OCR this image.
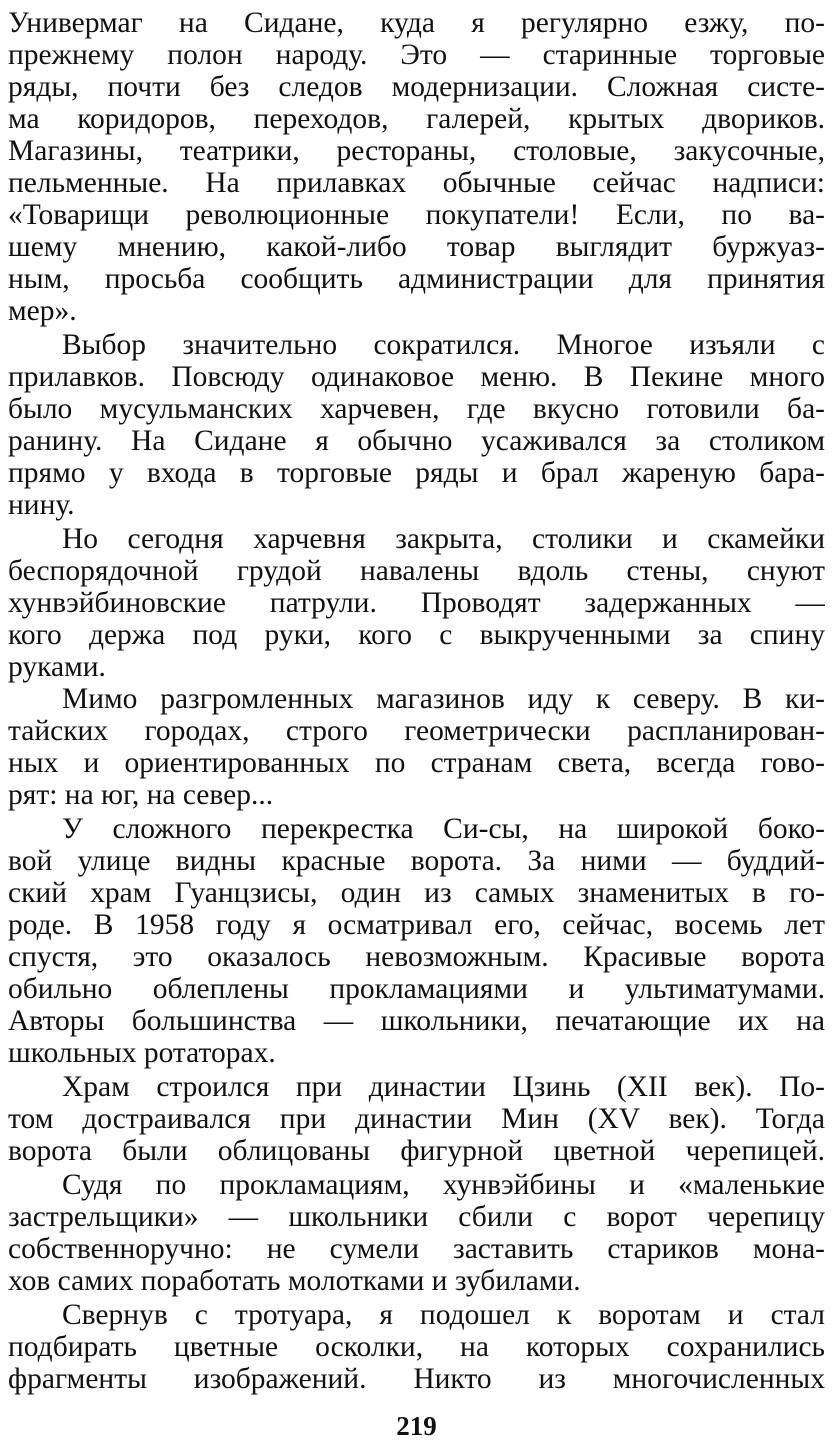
Универмаг на Сидане, куда я регулярно езжу, по-
прежнему полон народу. Это — старинные торговые
ряды, почти без следов модернизации. Сложная систе-
ма коридоров, переходов, галерей, крытых двориков.
Магазины, театрики, рестораны, столовые, закусочные,
пельменные. На прилавках обычные сейчас надписи:
«Товарищи революционные покупатели! Если, по ва-
шему мнению, какой-либо товар выглядит буржуаз-
ным, просьба сообщить администрации для принятия
мер».
Выбор значительно сократился. Многое изъяли с
прилавков. Повсюду одинаковое меню. В Пекине много
было мусульманских харчевен, где вкусно готовили ба-
ранину. На Сидане я обычно усаживался за столиком
прямо у входа в торговые ряды и брал жареную бара-
нину.
Но сегодня харчевня закрыта, столики и скамейки
беспорядочной грудой навалены вдоль стены, снуют
хунвэйбиновские патрули. Проводят задержанных —
кого держа под руки, кого с выкрученными за спину
руками.
Мимо разгромленных магазинов иду к северу. В ки-
тайских городах, строго геометрически распланирован-
ных и ориентированных по странам света, всегда гово-
рят: на юг, на север...
У сложного перекрестка Си-сы, на широкой боко-
вой улице видны красные ворота. За ними — буддий-
ский храм Гуанцзисы, один из самых знаменитых в го-
роде. В 1958 году я осматривал его, сейчас, восемь лет
спустя, это оказалось невозможным. Красивые ворота
обильно облеплены прокламациями и ультиматумами.
Авторы большинства — школьники, печатающие их на
школьных ротаторах.
Храм строился при династии Цзинь (XII век). По-
том достраивался при династии Мин (XV век). Тогда
ворота были облицованы фигурной цветной черепицей.
Судя по прокламациям, хунвэйбины и «маленькие
застрельщики» — школьники сбили с ворот черепицу
собственноручно: не сумели заставить стариков мона-
хов самих поработать молотками и зубилами.
Свернув с тротуара, я подошел к воротам и стал
подбирать цветные осколки, на которых сохранились
фрагменты изображений. Никто из многочисленных
219
